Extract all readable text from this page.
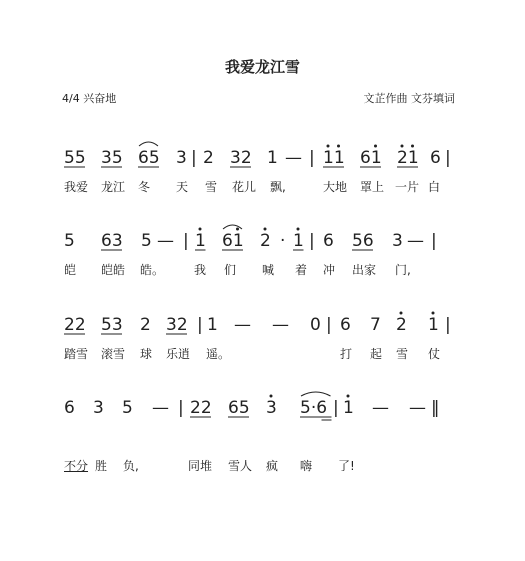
我爱龙江雪
4/4 兴奋地	文芷作曲 文芬填词
55 35 65 3 | 2 32 1 — | 11 61 21 6 |
5 63 5 — | 1 61 2 · 1 | 6 56 3 — |
22 53 2 32 | 1 — — 0 | 6 7 2 1 |
6 3 5 — | 22 65 3 5·6 | 1 — — ‖
我爱 龙江 冬 天 雪 花儿 飘,	大地 罩上 一片 白
皑 皑皓 皓。 我 们 喊 着 冲 出家 门,
踏雪 滚雪 球 乐逍 遥。	打 起 雪 仗
不分 胜 负,	同堆 雪人 疯 嗨 了!
